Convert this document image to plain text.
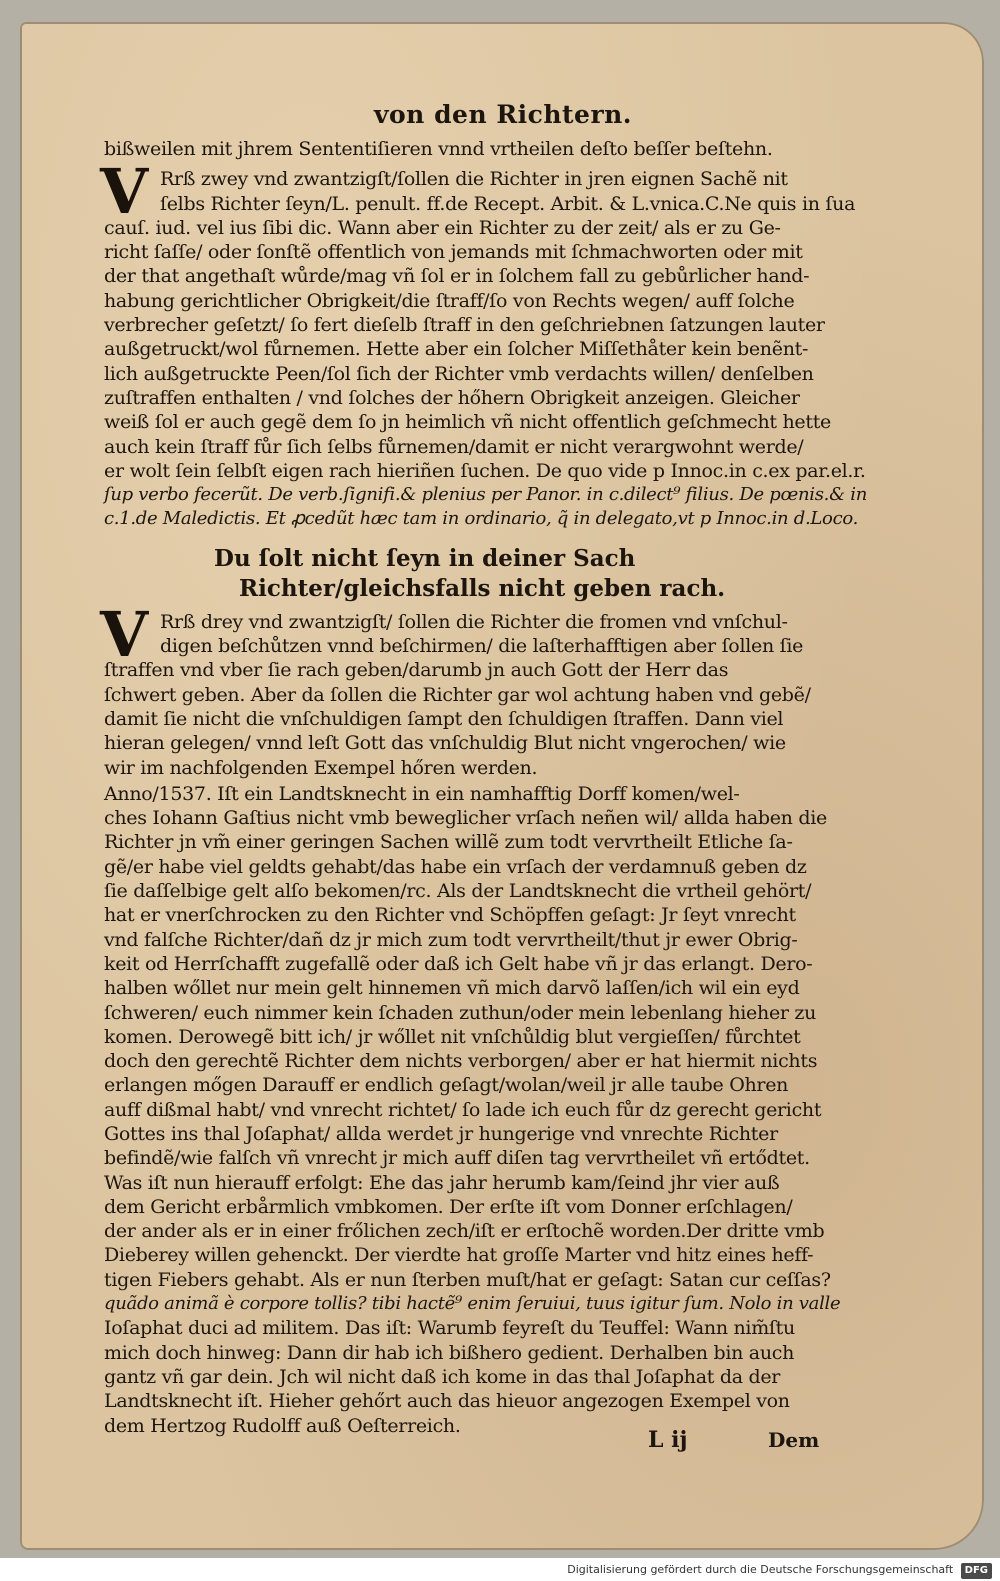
von den Richtern.
bißweilen mit jhrem Sententiſieren vnnd vrtheilen deſto beſſer beſtehn.
V Rrß zwey vnd zwantzigſt/ſollen die Richter in jren eignen Sachẽ nit
ſelbs Richter ſeyn/L. penult. ff.de Recept. Arbit. & L.vnica.C.Ne quis in ſua
cauſ. iud. vel ius ſibi dic. Wann aber ein Richter zu der zeit/ als er zu Ge-
richt ſaſſe/ oder ſonſtẽ offentlich von jemands mit ſchmachworten oder mit
der that angethaſt wůrde/mag vñ ſol er in ſolchem fall zu gebůrlicher hand-
habung gerichtlicher Obrigkeit/die ſtraff/ſo von Rechts wegen/ auff ſolche
verbrecher geſetzt/ ſo fert dieſelb ſtraff in den geſchriebnen ſatzungen lauter
außgetruckt/wol fůrnemen. Hette aber ein ſolcher Miſſethåter kein benẽnt-
lich außgetruckte Peen/ſol ſich der Richter vmb verdachts willen/ denſelben
zuſtraffen enthalten / vnd ſolches der hőhern Obrigkeit anzeigen. Gleicher
weiß ſol er auch gegẽ dem ſo jn heimlich vñ nicht offentlich geſchmecht hette
auch kein ſtraff fůr ſich ſelbs fůrnemen/damit er nicht verargwohnt werde/
er wolt ſein ſelbſt eigen rach hieriñen ſuchen. De quo vide p Innoc.in c.ex par.el.r.
ſup verbo fecerũt. De verb.ſignifi.& plenius per Panor. in c.dilect⁹ filius. De pœnis.& in
c.1.de Maledictis. Et ꝓcedũt hæc tam in ordinario, q̃ in delegato,vt p Innoc.in d.Loco.
Du ſolt nicht ſeyn in deiner Sach
Richter/gleichsfalls nicht geben rach.
V Rrß drey vnd zwantzigſt/ ſollen die Richter die fromen vnd vnſchul-
digen beſchůtzen vnnd beſchirmen/ die laſterhafftigen aber ſollen ſie
ſtraffen vnd vber ſie rach geben/darumb jn auch Gott der Herr das
ſchwert geben. Aber da ſollen die Richter gar wol achtung haben vnd gebẽ/
damit ſie nicht die vnſchuldigen ſampt den ſchuldigen ſtraffen. Dann viel
hieran gelegen/ vnnd leſt Gott das vnſchuldig Blut nicht vngerochen/ wie
wir im nachfolgenden Exempel hőren werden.
Anno/1537. Iſt ein Landtsknecht in ein namhafftig Dorff komen/wel-
ches Iohann Gaſtius nicht vmb beweglicher vrſach neñen wil/ allda haben die
Richter jn vm̃ einer geringen Sachen willẽ zum todt vervrtheilt Etliche ſa-
gẽ/er habe viel geldts gehabt/das habe ein vrſach der verdamnuß geben dz
ſie daſſelbige gelt alſo bekomen/rc. Als der Landtsknecht die vrtheil gehört/
hat er vnerſchrocken zu den Richter vnd Schöpffen geſagt: Jr ſeyt vnrecht
vnd falſche Richter/dañ dz jr mich zum todt vervrtheilt/thut jr ewer Obrig-
keit od Herrſchafft zugefallẽ oder daß ich Gelt habe vñ jr das erlangt. Dero-
halben wőllet nur mein gelt hinnemen vñ mich darvõ laſſen/ich wil ein eyd
ſchweren/ euch nimmer kein ſchaden zuthun/oder mein lebenlang hieher zu
komen. Derowegẽ bitt ich/ jr wőllet nit vnſchůldig blut vergieſſen/ fůrchtet
doch den gerechtẽ Richter dem nichts verborgen/ aber er hat hiermit nichts
erlangen mőgen Darauff er endlich geſagt/wolan/weil jr alle taube Ohren
auff dißmal habt/ vnd vnrecht richtet/ ſo lade ich euch fůr dz gerecht gericht
Gottes ins thal Joſaphat/ allda werdet jr hungerige vnd vnrechte Richter
befindẽ/wie falſch vñ vnrecht jr mich auff diſen tag vervrtheilet vñ ertődtet.
Was iſt nun hierauff erfolgt: Ehe das jahr herumb kam/ſeind jhr vier auß
dem Gericht erbårmlich vmbkomen. Der erſte iſt vom Donner erſchlagen/
der ander als er in einer frőlichen zech/iſt er erſtochẽ worden.Der dritte vmb
Dieberey willen gehenckt. Der vierdte hat groſſe Marter vnd hitz eines heff-
tigen Fiebers gehabt. Als er nun ſterben muſt/hat er geſagt: Satan cur ceſſas?
quãdo animã è corpore tollis? tibi hactẽ⁹ enim ſeruiui, tuus igitur ſum. Nolo in valle
Ioſaphat duci ad militem. Das iſt: Warumb feyreſt du Teuffel: Wann nim̃ſtu
mich doch hinweg: Dann dir hab ich bißhero gedient. Derhalben bin auch
gantz vñ gar dein. Jch wil nicht daß ich kome in das thal Joſaphat da der
Landtsknecht iſt. Hieher gehőrt auch das hieuor angezogen Exempel von
dem Hertzog Rudolff auß Oeſterreich.
L ij	Dem
Digitalisierung gefördert durch die Deutsche Forschungsgemeinschaft DFG
